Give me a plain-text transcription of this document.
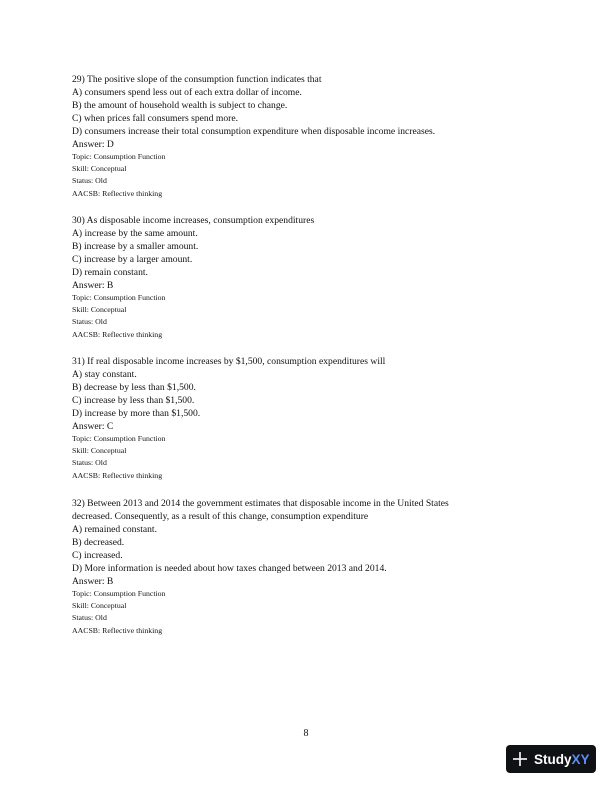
29) The positive slope of the consumption function indicates that
A) consumers spend less out of each extra dollar of income.
B) the amount of household wealth is subject to change.
C) when prices fall consumers spend more.
D) consumers increase their total consumption expenditure when disposable income increases.
Answer: D
Topic: Consumption Function
Skill: Conceptual
Status: Old
AACSB: Reflective thinking
30) As disposable income increases, consumption expenditures
A) increase by the same amount.
B) increase by a smaller amount.
C) increase by a larger amount.
D) remain constant.
Answer: B
Topic: Consumption Function
Skill: Conceptual
Status: Old
AACSB: Reflective thinking
31) If real disposable income increases by $1,500, consumption expenditures will
A) stay constant.
B) decrease by less than $1,500.
C) increase by less than $1,500.
D) increase by more than $1,500.
Answer: C
Topic: Consumption Function
Skill: Conceptual
Status: Old
AACSB: Reflective thinking
32) Between 2013 and 2014 the government estimates that disposable income in the United States
decreased. Consequently, as a result of this change, consumption expenditure
A) remained constant.
B) decreased.
C) increased.
D) More information is needed about how taxes changed between 2013 and 2014.
Answer: B
Topic: Consumption Function
Skill: Conceptual
Status: Old
AACSB: Reflective thinking
8
Study XY
